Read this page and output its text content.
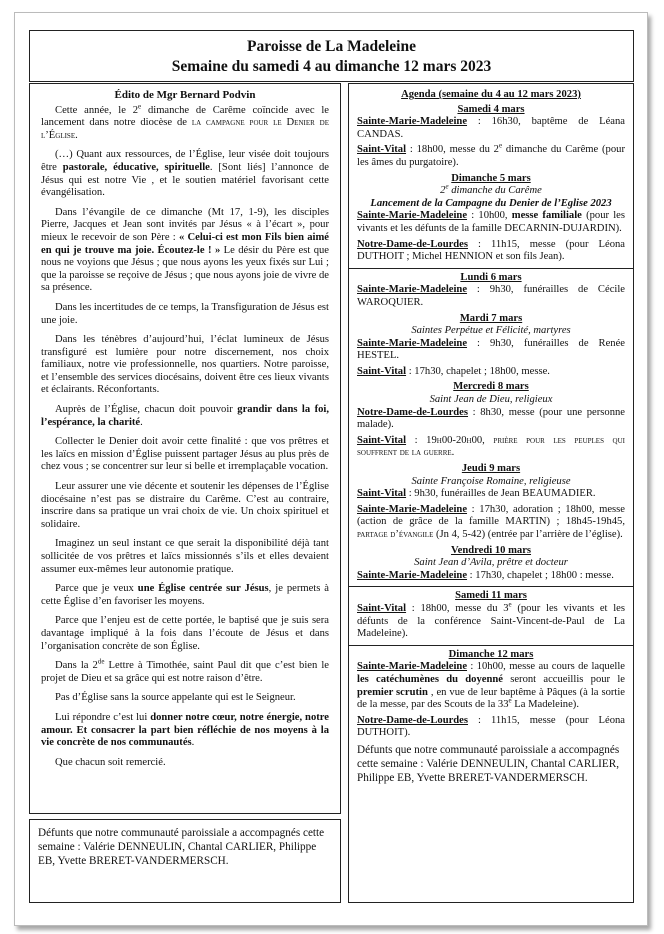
Paroisse de La Madeleine
Semaine du samedi 4 au dimanche 12 mars 2023
Édito de Mgr Bernard Podvin

Cette année, le 2e dimanche de Carême coïncide avec le lancement dans notre diocèse de la campagne pour le Denier de l’Église.

(…) Quant aux ressources, de l’Église, leur visée doit toujours être pastorale, éducative, spirituelle. [Sont liés] l’annonce de Jésus qui est notre Vie , et le soutien matériel favorisant cette évangélisation.

Dans l’évangile de ce dimanche (Mt 17, 1-9), les disciples Pierre, Jacques et Jean sont invités par Jésus « à l’écart », pour mieux le recevoir de son Père : « Celui-ci est mon Fils bien aimé en qui je trouve ma joie. Écoutez-le ! » Le désir du Père est que nous ne voyions que Jésus ; que nous ayons les yeux fixés sur Lui ; que la paroisse se reçoive de Jésus ; que nous ayons joie de vivre de sa présence.

Dans les incertitudes de ce temps, la Transfiguration de Jésus est une joie.

Dans les ténèbres d’aujourd’hui, l’éclat lumineux de Jésus transfiguré est lumière pour notre discernement, nos choix familiaux, notre vie professionnelle, nos quartiers. Notre paroisse, et l’ensemble des services diocésains, doivent être ces lieux vivants et éclairants. Réconfortants.

Auprès de l’Église, chacun doit pouvoir grandir dans la foi, l’espérance, la charité.

Collecter le Denier doit avoir cette finalité : que vos prêtres et les laïcs en mission d’Église puissent partager Jésus au plus près de chez vous ; se concentrer sur leur si belle et irremplaçable vocation.

Leur assurer une vie décente et soutenir les dépenses de l’Église diocésaine n’est pas se distraire du Carême. C’est au contraire, inscrire dans sa pratique un vrai choix de vie. Un choix spirituel et solidaire.

Imaginez un seul instant ce que serait la disponibilité déjà tant sollicitée de vos prêtres et laïcs missionnés s’ils et elles devaient assumer eux-mêmes leur autonomie pratique.

Parce que je veux une Église centrée sur Jésus, je permets à cette Église d’en favoriser les moyens.

Parce que l’enjeu est de cette portée, le baptisé que je suis sera davantage impliqué à la fois dans l’écoute de Jésus et dans l’organisation concrète de son Église.

Dans la 2de Lettre à Timothée, saint Paul dit que c’est bien le projet de Dieu et sa grâce qui est notre raison d’être.

Pas d’Église sans la source appelante qui est le Seigneur.

Lui répondre c’est lui donner notre cœur, notre énergie, notre amour. Et consacrer la part bien réfléchie de nos moyens à la vie concrète de nos communautés.

Que chacun soit remercié.

Défunts que notre communauté paroissiale a accompagnés cette semaine : Valérie DENNEULIN, Chantal CARLIER, Philippe EB, Yvette BRERET-VANDERMERSCH.
Agenda (semaine du 4 au 12 mars 2023)
Samedi 4 mars
Sainte-Marie-Madeleine : 16h30, baptême de Léana CANDAS.
Saint-Vital : 18h00, messe du 2e dimanche du Carême (pour les âmes du purgatoire).
Dimanche 5 mars
2e dimanche du Carême
Lancement de la Campagne du Denier de l’Eglise 2023
Sainte-Marie-Madeleine : 10h00, messe familiale (pour les vivants et les défunts de la famille DECARNIN-DUJARDIN).
Notre-Dame-de-Lourdes : 11h15, messe (pour Léona DUTHOIT ; Michel HENNION et son fils Jean).
Lundi 6 mars
Sainte-Marie-Madeleine : 9h30, funérailles de Cécile WAROQUIER.
Mardi 7 mars
Saintes Perpétue et Félicité, martyres
Sainte-Marie-Madeleine : 9h30, funérailles de Renée HESTEL.
Saint-Vital : 17h30, chapelet ; 18h00, messe.
Mercredi 8 mars
Saint Jean de Dieu, religieux
Notre-Dame-de-Lourdes : 8h30, messe (pour une personne malade).
Saint-Vital : 19h00-20h00, prière pour les peuples qui souffrent de la guerre.
Jeudi 9 mars
Sainte Françoise Romaine, religieuse
Saint-Vital : 9h30, funérailles de Jean BEAUMADIER.
Sainte-Marie-Madeleine : 17h30, adoration ; 18h00, messe (action de grâce de la famille MARTIN) ; 18h45-19h45, partage d’évangile (Jn 4, 5-42) (entrée par l’arrière de l’église).
Vendredi 10 mars
Saint Jean d’Avila, prêtre et docteur
Sainte-Marie-Madeleine : 17h30, chapelet ; 18h00 : messe.
Samedi 11 mars
Saint-Vital : 18h00, messe du 3e (pour les vivants et les défunts de la conférence Saint-Vincent-de-Paul de La Madeleine).
Dimanche 12 mars
Sainte-Marie-Madeleine : 10h00, messe au cours de laquelle les catéchumènes du doyenné seront accueillis pour le premier scrutin , en vue de leur baptême à Pâques (à la sortie de la messe, par des Scouts de la 33e La Madeleine).
Notre-Dame-de-Lourdes : 11h15, messe (pour Léona DUTHOIT).
Défunts que notre communauté paroissiale a accompagnés cette semaine : Valérie DENNEULIN, Chantal CARLIER, Philippe EB, Yvette BRERET-VANDERMERSCH.
